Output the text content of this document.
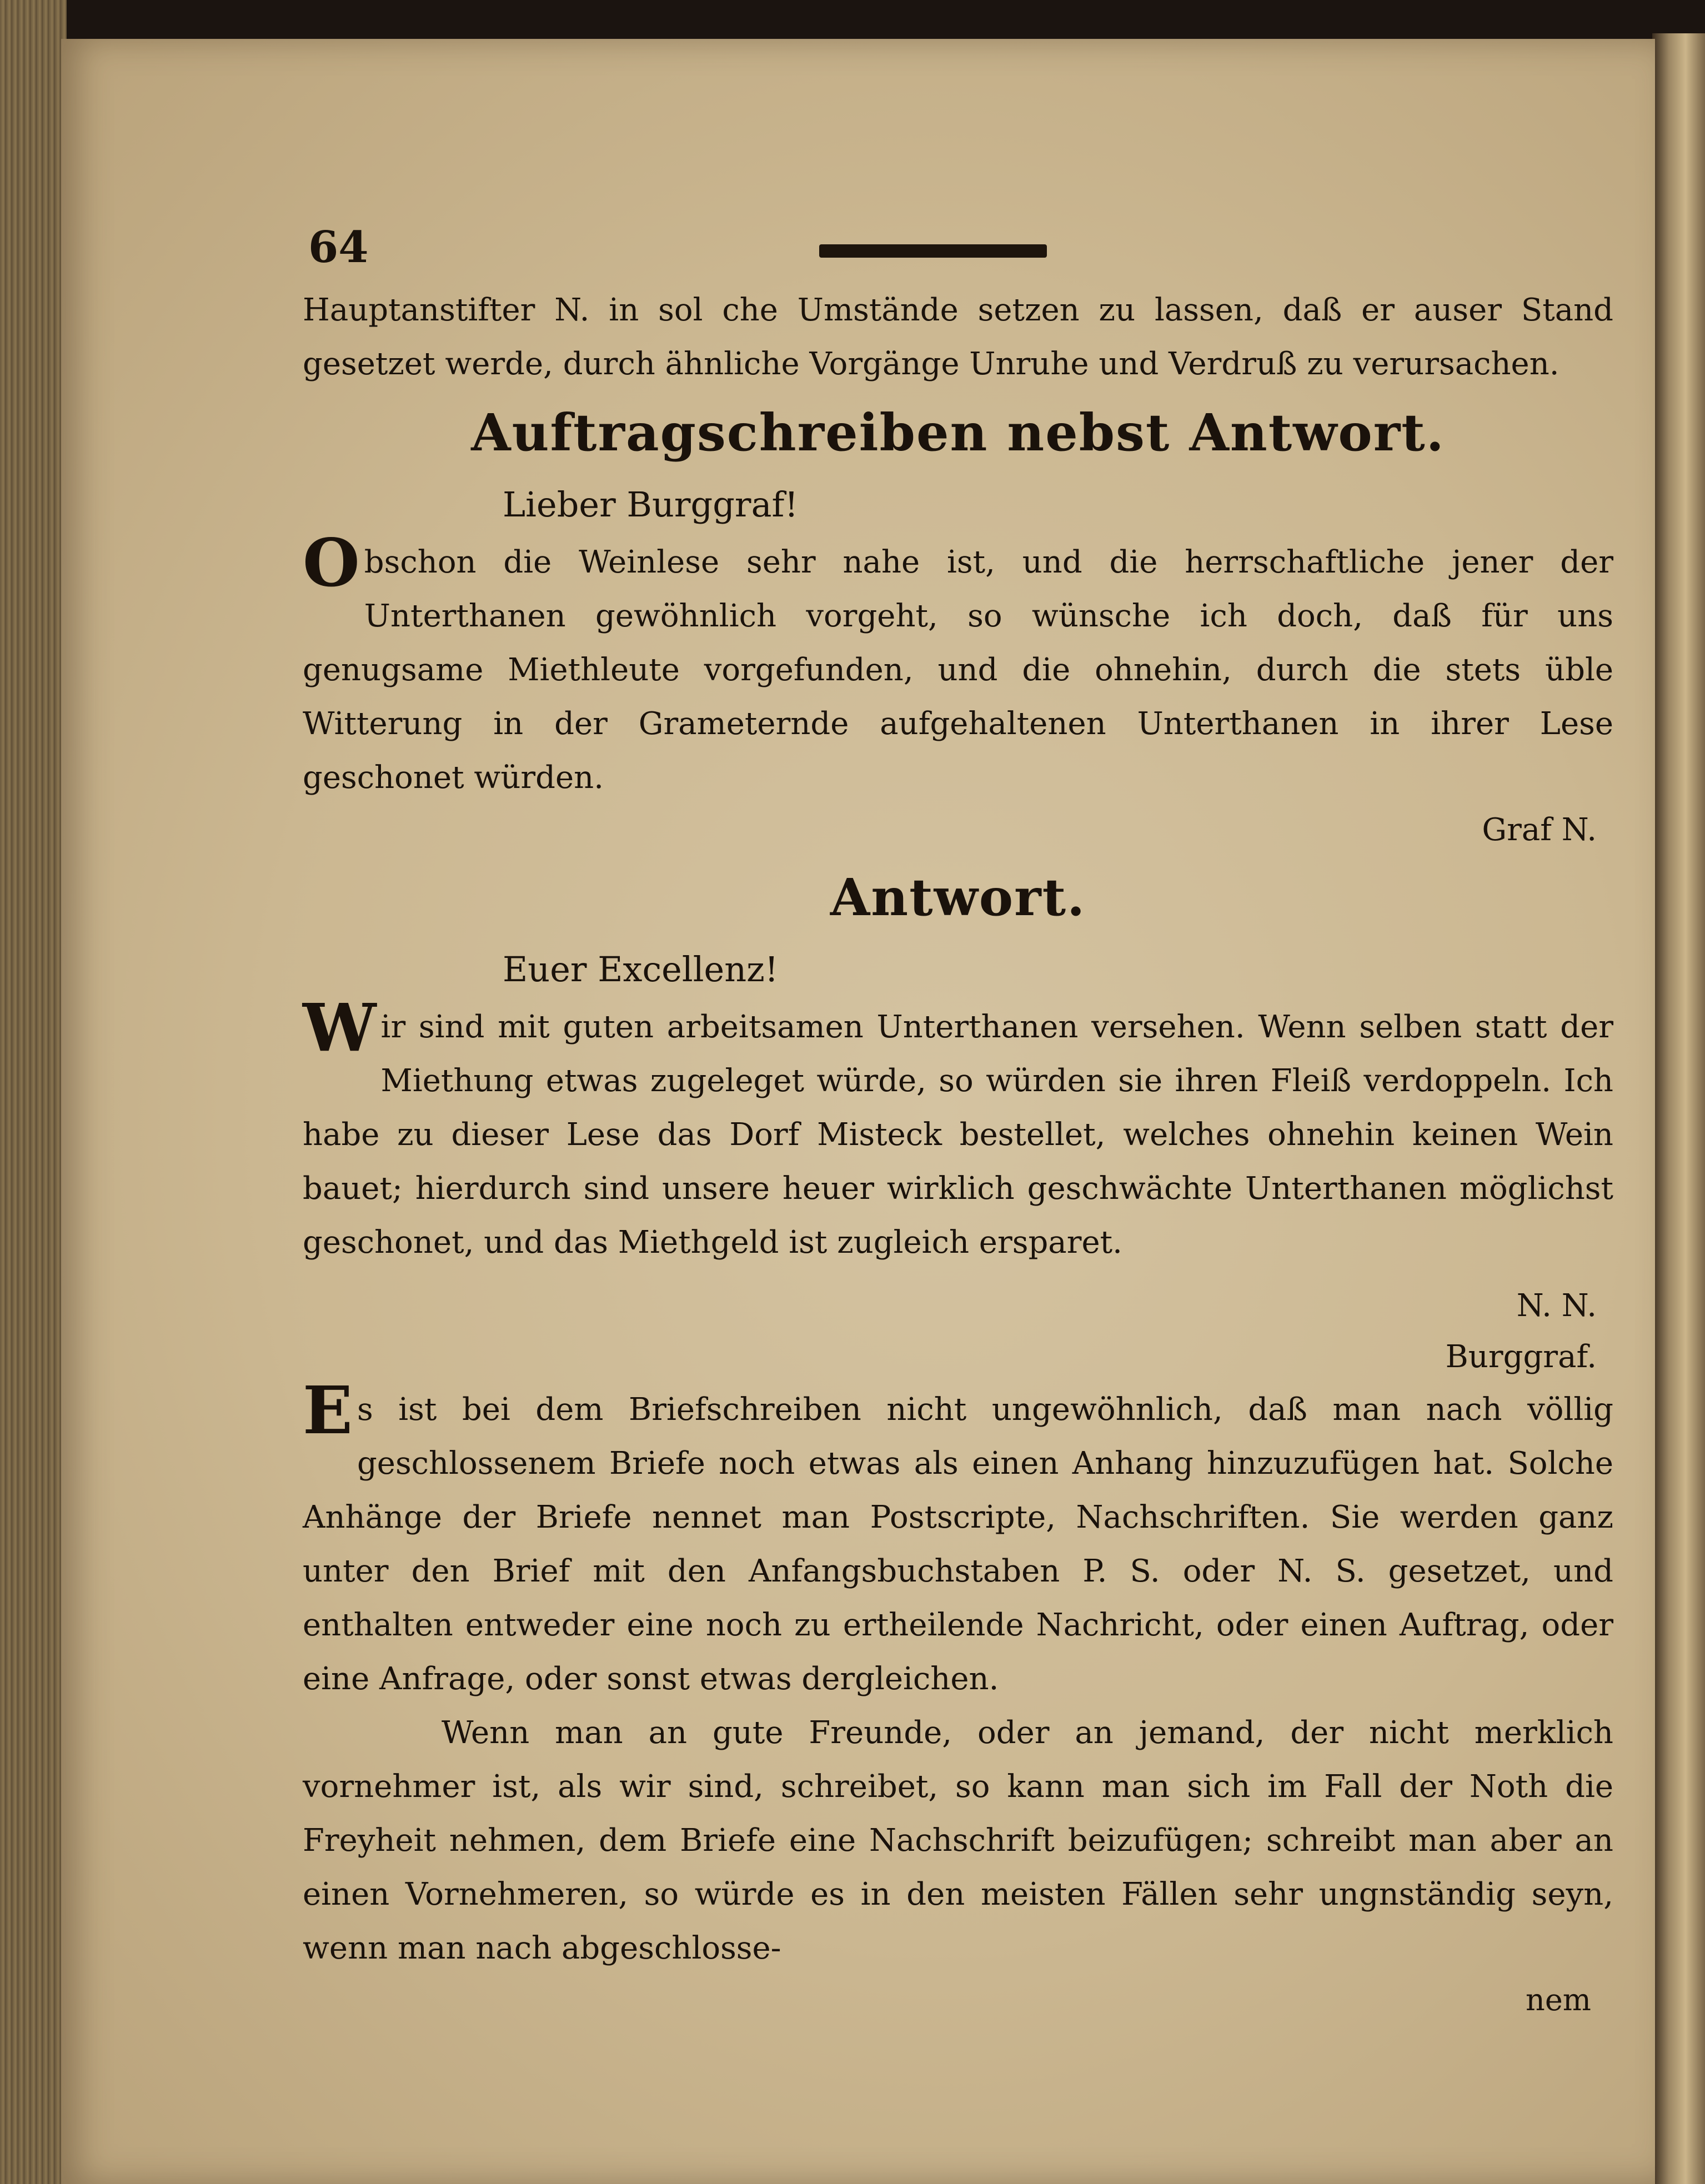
64

Hauptanstifter N. in sol che Umstände setzen zu lassen, daß er auser Stand gesetzet werde, durch ähnliche Vorgänge Unruhe und Verdruß zu verursachen.

Auftragschreiben nebst Antwort.
Lieber Burggraf!

Obschon die Weinlese sehr nahe ist, und die herrschaftliche jener der Unterthanen gewöhnlich vorgeht, so wünsche ich doch, daß für uns genugsame Miethleute vorgefunden, und die ohnehin, durch die stets üble Witterung in der Grameternde aufgehaltenen Unterthanen in ihrer Lese geschonet würden.

Graf N.
Antwort.
Euer Excellenz!

Wir sind mit guten arbeitsamen Unterthanen versehen. Wenn selben statt der Miethung etwas zugeleget würde, so würden sie ihren Fleiß verdoppeln. Ich habe zu dieser Lese das Dorf Misteck bestellet, welches ohnehin keinen Wein bauet; hierdurch sind unsere heuer wirklich geschwächte Unterthanen möglichst geschonet, und das Miethgeld ist zugleich ersparet.

N. N.
Burggraf.

Es ist bei dem Briefschreiben nicht ungewöhnlich, daß man nach völlig geschlossenem Briefe noch etwas als einen Anhang hinzuzufügen hat. Solche Anhänge der Briefe nennet man Postscripte, Nachschriften. Sie werden ganz unter den Brief mit den Anfangsbuchstaben P. S. oder N. S. gesetzet, und enthalten entweder eine noch zu ertheilende Nachricht, oder einen Auftrag, oder eine Anfrage, oder sonst etwas dergleichen.

Wenn man an gute Freunde, oder an jemand, der nicht merklich vornehmer ist, als wir sind, schreibet, so kann man sich im Fall der Noth die Freyheit nehmen, dem Briefe eine Nachschrift beizufügen; schreibt man aber an einen Vornehmeren, so würde es in den meisten Fällen sehr ungnständig seyn, wenn man nach abgeschlosse-

nem
